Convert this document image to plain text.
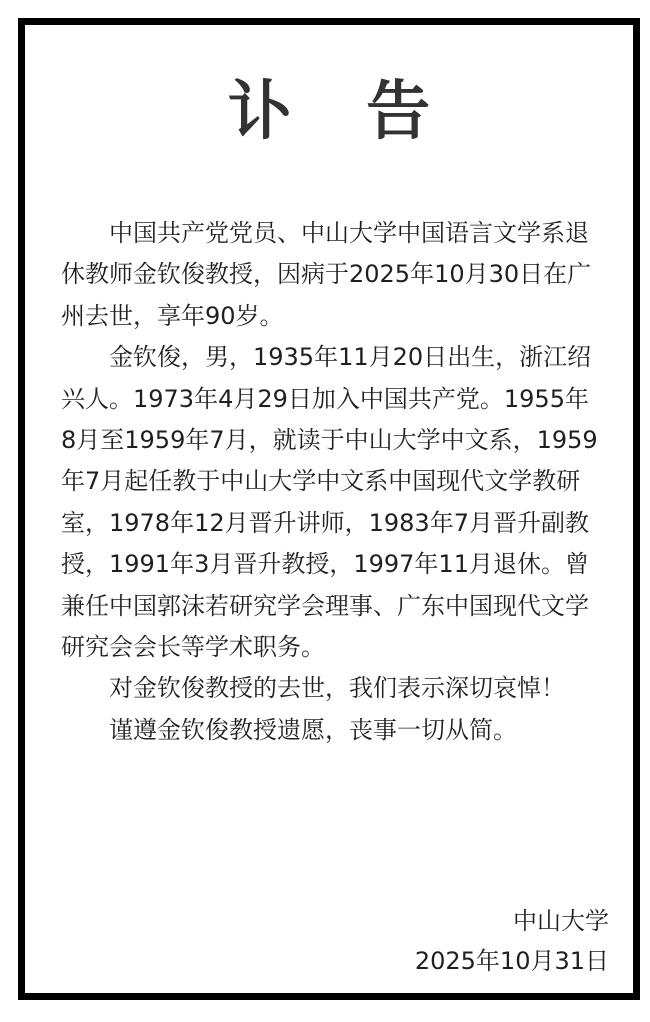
讣 告

中国共产党党员、中山大学中国语言文学系退休教师金钦俊教授，因病于2025年10月30日在广州去世，享年90岁。

金钦俊，男，1935年11月20日出生，浙江绍兴人。1973年4月29日加入中国共产党。1955年8月至1959年7月，就读于中山大学中文系，1959年7月起任教于中山大学中文系中国现代文学教研室，1978年12月晋升讲师，1983年7月晋升副教授，1991年3月晋升教授，1997年11月退休。曾兼任中国郭沫若研究学会理事、广东中国现代文学研究会会长等学术职务。

对金钦俊教授的去世，我们表示深切哀悼！

谨遵金钦俊教授遗愿，丧事一切从简。

中山大学
2025年10月31日
